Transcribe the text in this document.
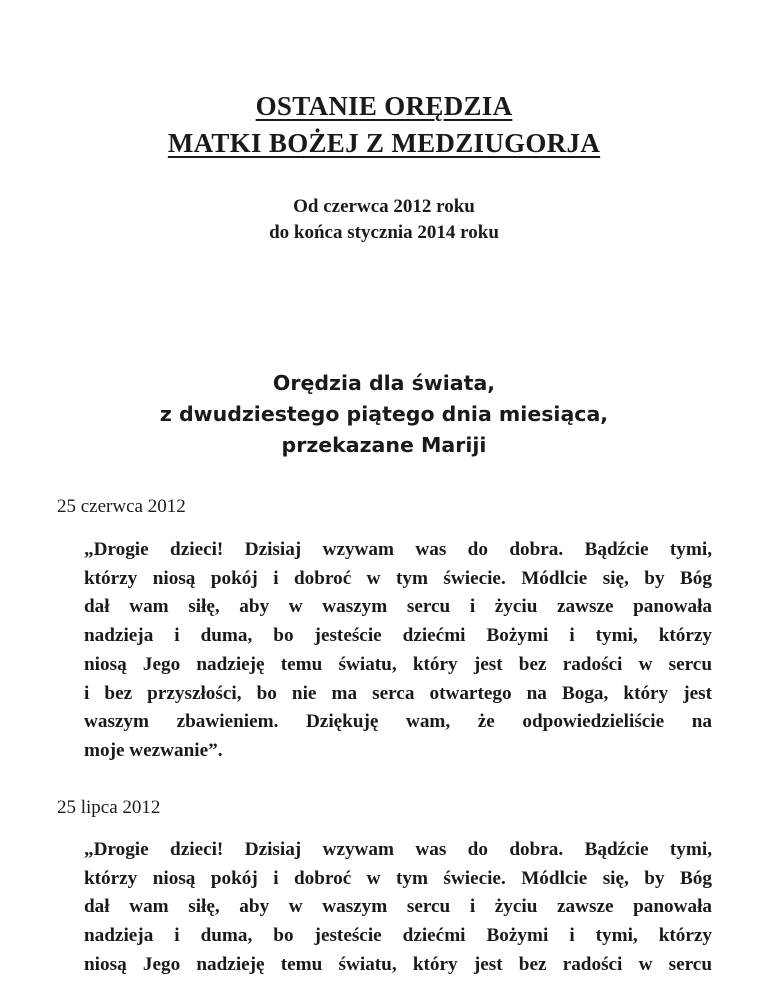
OSTANIE ORĘDZIA
MATKI BOŻEJ Z MEDZIUGORJA
Od czerwca 2012 roku
do końca stycznia 2014 roku
Orędzia dla świata,
z dwudziestego piątego dnia miesiąca,
przekazane Mariji
25 czerwca 2012
„Drogie dzieci! Dzisiaj wzywam was do dobra. Bądźcie tymi,
którzy niosą pokój i dobroć w tym świecie. Módlcie się, by Bóg
dał wam siłę, aby w waszym sercu i życiu zawsze panowała
nadzieja i duma, bo jesteście dziećmi Bożymi i tymi, którzy
niosą Jego nadzieję temu światu, który jest bez radości w sercu
i bez przyszłości, bo nie ma serca otwartego na Boga, który jest
waszym zbawieniem. Dziękuję wam, że odpowiedzieliście na
moje wezwanie”.
25 lipca 2012
„Drogie dzieci! Dzisiaj wzywam was do dobra. Bądźcie tymi,
którzy niosą pokój i dobroć w tym świecie. Módlcie się, by Bóg
dał wam siłę, aby w waszym sercu i życiu zawsze panowała
nadzieja i duma, bo jesteście dziećmi Bożymi i tymi, którzy
niosą Jego nadzieję temu światu, który jest bez radości w sercu
